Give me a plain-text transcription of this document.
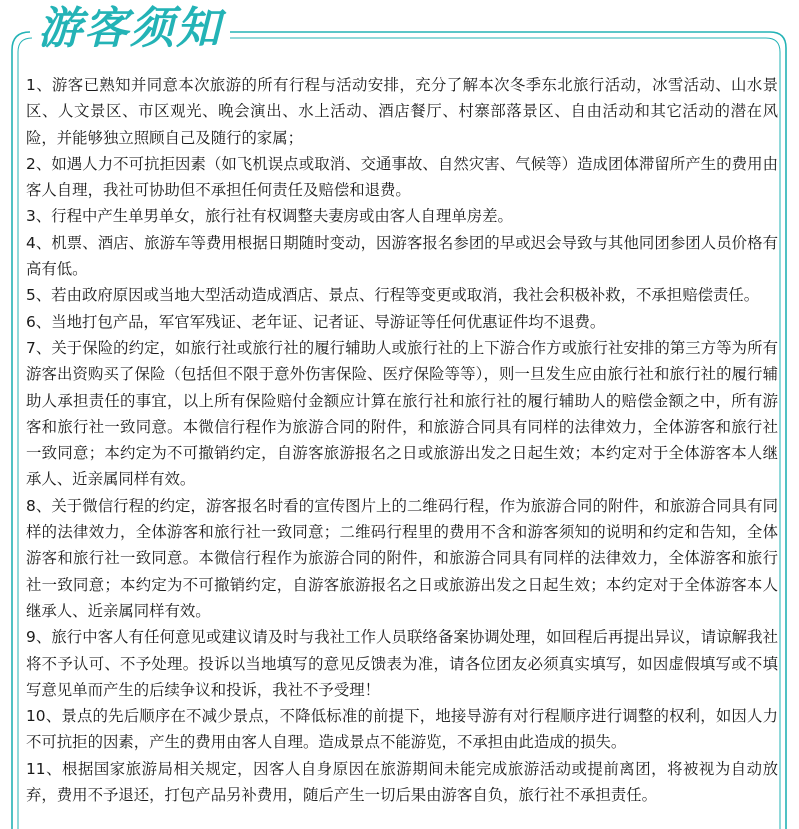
游客须知

1、游客已熟知并同意本次旅游的所有行程与活动安排，充分了解本次冬季东北旅行活动，冰雪活动、山水景区、人文景区、市区观光、晚会演出、水上活动、酒店餐厅、村寨部落景区、自由活动和其它活动的潜在风险，并能够独立照顾自己及随行的家属；

2、如遇人力不可抗拒因素（如飞机误点或取消、交通事故、自然灾害、气候等）造成团体滞留所产生的费用由客人自理，我社可协助但不承担任何责任及赔偿和退费。

3、行程中产生单男单女，旅行社有权调整夫妻房或由客人自理单房差。

4、机票、酒店、旅游车等费用根据日期随时变动，因游客报名参团的早或迟会导致与其他同团参团人员价格有高有低。

5、若由政府原因或当地大型活动造成酒店、景点、行程等变更或取消，我社会积极补救，不承担赔偿责任。

6、当地打包产品，军官军残证、老年证、记者证、导游证等任何优惠证件均不退费。

7、关于保险的约定，如旅行社或旅行社的履行辅助人或旅行社的上下游合作方或旅行社安排的第三方等为所有游客出资购买了保险（包括但不限于意外伤害保险、医疗保险等等），则一旦发生应由旅行社和旅行社的履行辅助人承担责任的事宜，以上所有保险赔付金额应计算在旅行社和旅行社的履行辅助人的赔偿金额之中，所有游客和旅行社一致同意。本微信行程作为旅游合同的附件，和旅游合同具有同样的法律效力，全体游客和旅行社一致同意；本约定为不可撤销约定，自游客旅游报名之日或旅游出发之日起生效；本约定对于全体游客本人继承人、近亲属同样有效。

8、关于微信行程的约定，游客报名时看的宣传图片上的二维码行程，作为旅游合同的附件，和旅游合同具有同样的法律效力，全体游客和旅行社一致同意；二维码行程里的费用不含和游客须知的说明和约定和告知，全体游客和旅行社一致同意。本微信行程作为旅游合同的附件，和旅游合同具有同样的法律效力，全体游客和旅行社一致同意；本约定为不可撤销约定，自游客旅游报名之日或旅游出发之日起生效；本约定对于全体游客本人继承人、近亲属同样有效。

9、旅行中客人有任何意见或建议请及时与我社工作人员联络备案协调处理，如回程后再提出异议，请谅解我社将不予认可、不予处理。投诉以当地填写的意见反馈表为准，请各位团友必须真实填写，如因虚假填写或不填写意见单而产生的后续争议和投诉，我社不予受理！

10、景点的先后顺序在不减少景点，不降低标准的前提下，地接导游有对行程顺序进行调整的权利，如因人力不可抗拒的因素，产生的费用由客人自理。造成景点不能游览，不承担由此造成的损失。

11、根据国家旅游局相关规定，因客人自身原因在旅游期间未能完成旅游活动或提前离团，将被视为自动放弃，费用不予退还，打包产品另补费用，随后产生一切后果由游客自负，旅行社不承担责任。
